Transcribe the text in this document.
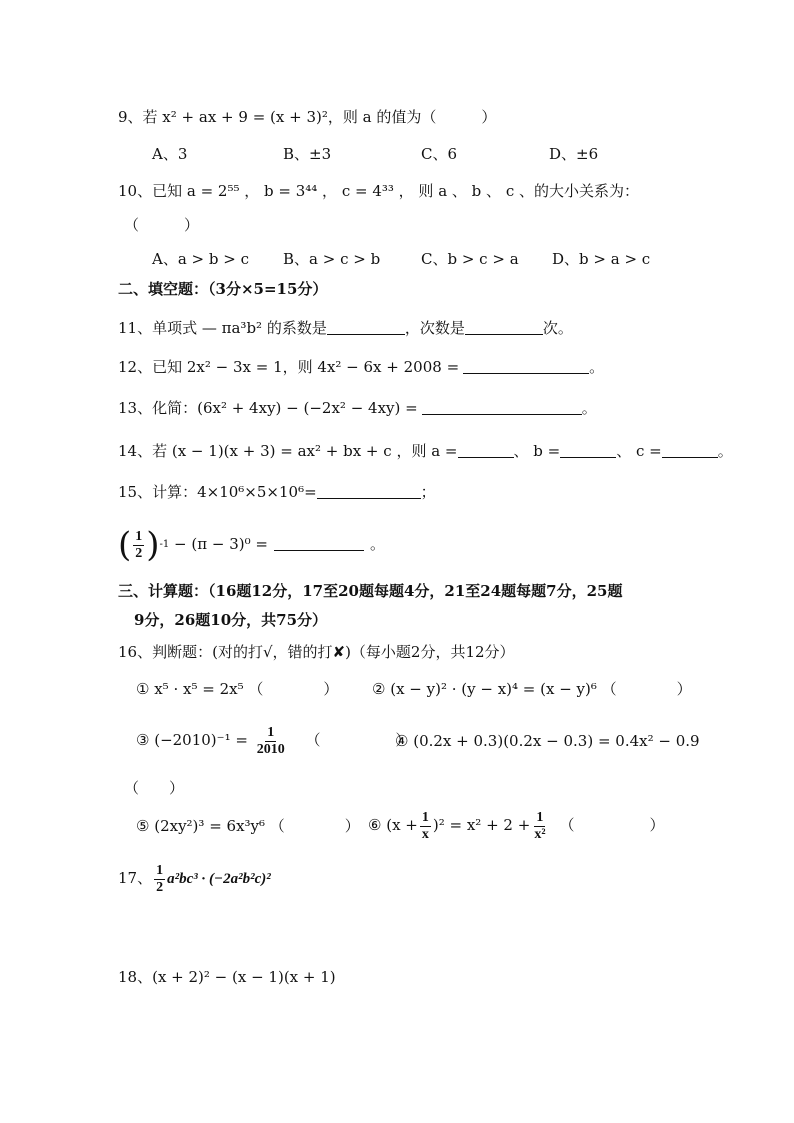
9、若 x² + ax + 9 = (x + 3)²，则 a 的值为（　　　）
A、3	B、±3	C、6	D、±6
10、已知 a = 2⁵⁵ ， b = 3⁴⁴ ， c = 4³³ ， 则 a 、 b 、 c 、的大小关系为：
（　　　）
A、a > b > c B、a > c > b	C、b > c > a D、b > a > c
二、填空题：（3分×5=15分）
11、单项式 — πa³b² 的系数是	，次数是	次。
12、已知 2x² − 3x = 1，则 4x² − 6x + 2008 =	。
13、化简：(6x² + 4xy) − (−2x² − 4xy) =	。
14、若 (x − 1)(x + 3) = ax² + bx + c ，则 a =	、 b =	、 c =	。
15、计算：4×10⁶×5×10⁶=	；
( $\frac{1}{2}$ ) -1 − (π − 3)⁰ =	。
三、计算题：（16题12分，17至20题每题4分，21至24题每题7分，25题
9分，26题10分，共75分）
16、判断题：(对的打√，错的打✘)（每小题2分，共12分）
① x⁵ · x⁵ = 2x⁵ （　　　　） ② (x − y)² · (y − x)⁴ = (x − y)⁶ （　　　　）
③ $(-2010)^{-1} = \frac{1}{2010}$ （　　　　　）
④ (0.2x + 0.3)(0.2x − 0.3) = 0.4x² − 0.9
（　　）
⑤ (2xy²)³ = 6x³y⁶ （　　　　） ⑥ $(x + \frac{1}{x} )^2 = x^2 + 2 + \frac{1}{\text{x²}}$ （　　　　　）
17、 $\frac{1}{2} a^2bc^3 \cdot (-2a^2b^2c)^2$
18、(x + 2)² − (x − 1)(x + 1)
